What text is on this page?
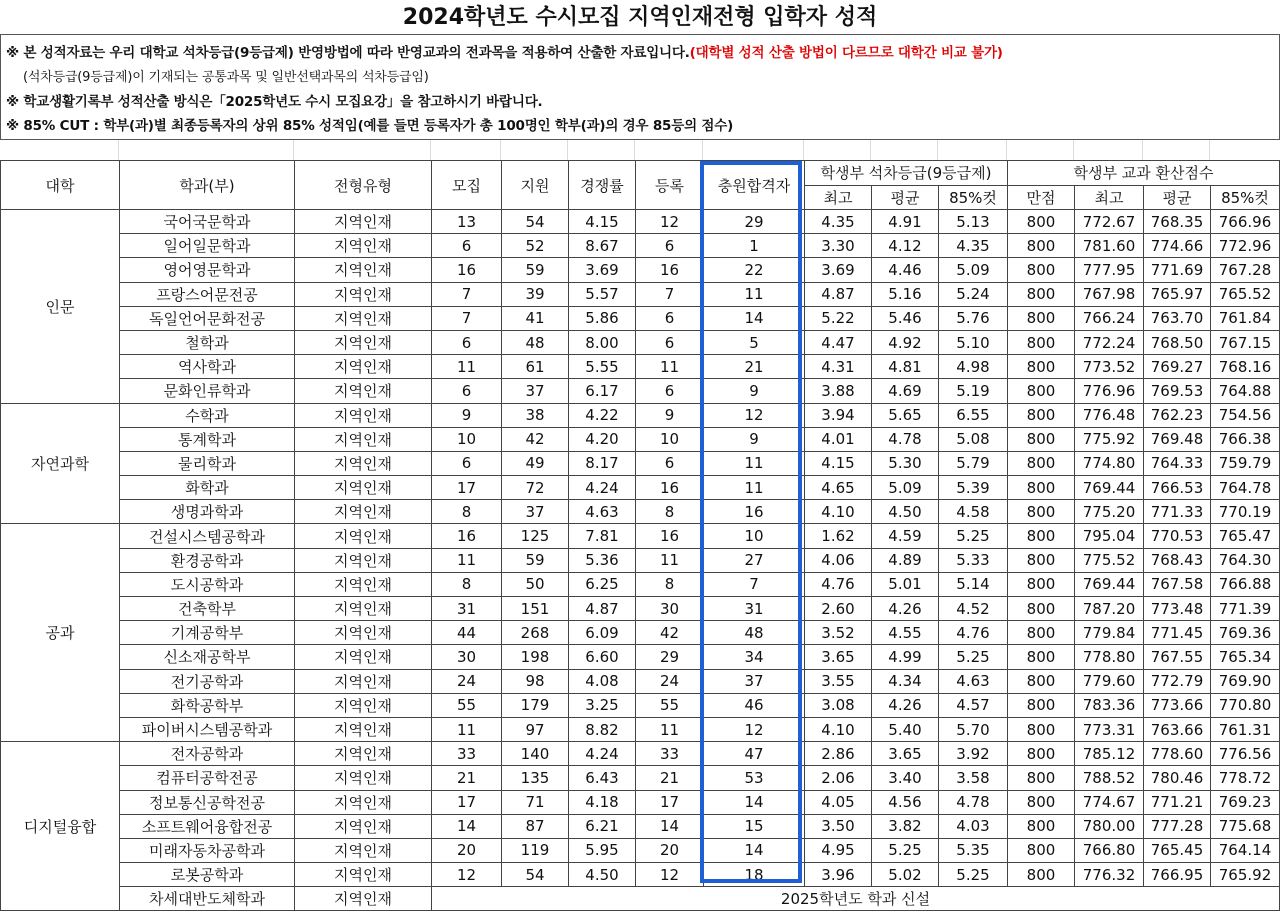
2024학년도 수시모집 지역인재전형 입학자 성적
※ 본 성적자료는 우리 대학교 석차등급(9등급제) 반영방법에 따라 반영교과의 전과목을 적용하여 산출한 자료입니다.(대학별 성적 산출 방법이 다르므로 대학간 비교 불가)
(석차등급(9등급제)이 기재되는 공통과목 및 일반선택과목의 석차등급임)
※ 학교생활기록부 성적산출 방식은「2025학년도 수시 모집요강」을 참고하시기 바랍니다.
※ 85% CUT : 학부(과)별 최종등록자의 상위 85% 성적임(예를 들면 등록자가 총 100명인 학부(과)의 경우 85등의 점수)
대학	학과(부)	전형유형	모집	지원	경쟁률	등록	충원합격자	학생부 석차등급(9등급제)			학생부 교과 환산점수			
								최고	평균	85%컷	만점	최고	평균	85%컷
인문	국어국문학과	지역인재	13	54	4.15	12	29	4.35	4.91	5.13	800	772.67	768.35	766.96
	일어일문학과	지역인재	6	52	8.67	6	1	3.30	4.12	4.35	800	781.60	774.66	772.96
	영어영문학과	지역인재	16	59	3.69	16	22	3.69	4.46	5.09	800	777.95	771.69	767.28
	프랑스어문전공	지역인재	7	39	5.57	7	11	4.87	5.16	5.24	800	767.98	765.97	765.52
	독일언어문화전공	지역인재	7	41	5.86	6	14	5.22	5.46	5.76	800	766.24	763.70	761.84
	철학과	지역인재	6	48	8.00	6	5	4.47	4.92	5.10	800	772.24	768.50	767.15
	역사학과	지역인재	11	61	5.55	11	21	4.31	4.81	4.98	800	773.52	769.27	768.16
	문화인류학과	지역인재	6	37	6.17	6	9	3.88	4.69	5.19	800	776.96	769.53	764.88
자연과학	수학과	지역인재	9	38	4.22	9	12	3.94	5.65	6.55	800	776.48	762.23	754.56
	통계학과	지역인재	10	42	4.20	10	9	4.01	4.78	5.08	800	775.92	769.48	766.38
	물리학과	지역인재	6	49	8.17	6	11	4.15	5.30	5.79	800	774.80	764.33	759.79
	화학과	지역인재	17	72	4.24	16	11	4.65	5.09	5.39	800	769.44	766.53	764.78
	생명과학과	지역인재	8	37	4.63	8	16	4.10	4.50	4.58	800	775.20	771.33	770.19
공과	건설시스템공학과	지역인재	16	125	7.81	16	10	1.62	4.59	5.25	800	795.04	770.53	765.47
	환경공학과	지역인재	11	59	5.36	11	27	4.06	4.89	5.33	800	775.52	768.43	764.30
	도시공학과	지역인재	8	50	6.25	8	7	4.76	5.01	5.14	800	769.44	767.58	766.88
	건축학부	지역인재	31	151	4.87	30	31	2.60	4.26	4.52	800	787.20	773.48	771.39
	기계공학부	지역인재	44	268	6.09	42	48	3.52	4.55	4.76	800	779.84	771.45	769.36
	신소재공학부	지역인재	30	198	6.60	29	34	3.65	4.99	5.25	800	778.80	767.55	765.34
	전기공학과	지역인재	24	98	4.08	24	37	3.55	4.34	4.63	800	779.60	772.79	769.90
	화학공학부	지역인재	55	179	3.25	55	46	3.08	4.26	4.57	800	783.36	773.66	770.80
	파이버시스템공학과	지역인재	11	97	8.82	11	12	4.10	5.40	5.70	800	773.31	763.66	761.31
디지털융합	전자공학과	지역인재	33	140	4.24	33	47	2.86	3.65	3.92	800	785.12	778.60	776.56
	컴퓨터공학전공	지역인재	21	135	6.43	21	53	2.06	3.40	3.58	800	788.52	780.46	778.72
	정보통신공학전공	지역인재	17	71	4.18	17	14	4.05	4.56	4.78	800	774.67	771.21	769.23
	소프트웨어융합전공	지역인재	14	87	6.21	14	15	3.50	3.82	4.03	800	780.00	777.28	775.68
	미래자동차공학과	지역인재	20	119	5.95	20	14	4.95	5.25	5.35	800	766.80	765.45	764.14
	로봇공학과	지역인재	12	54	4.50	12	18	3.96	5.02	5.25	800	776.32	766.95	765.92
	차세대반도체학과	지역인재	2025학년도 학과 신설											
